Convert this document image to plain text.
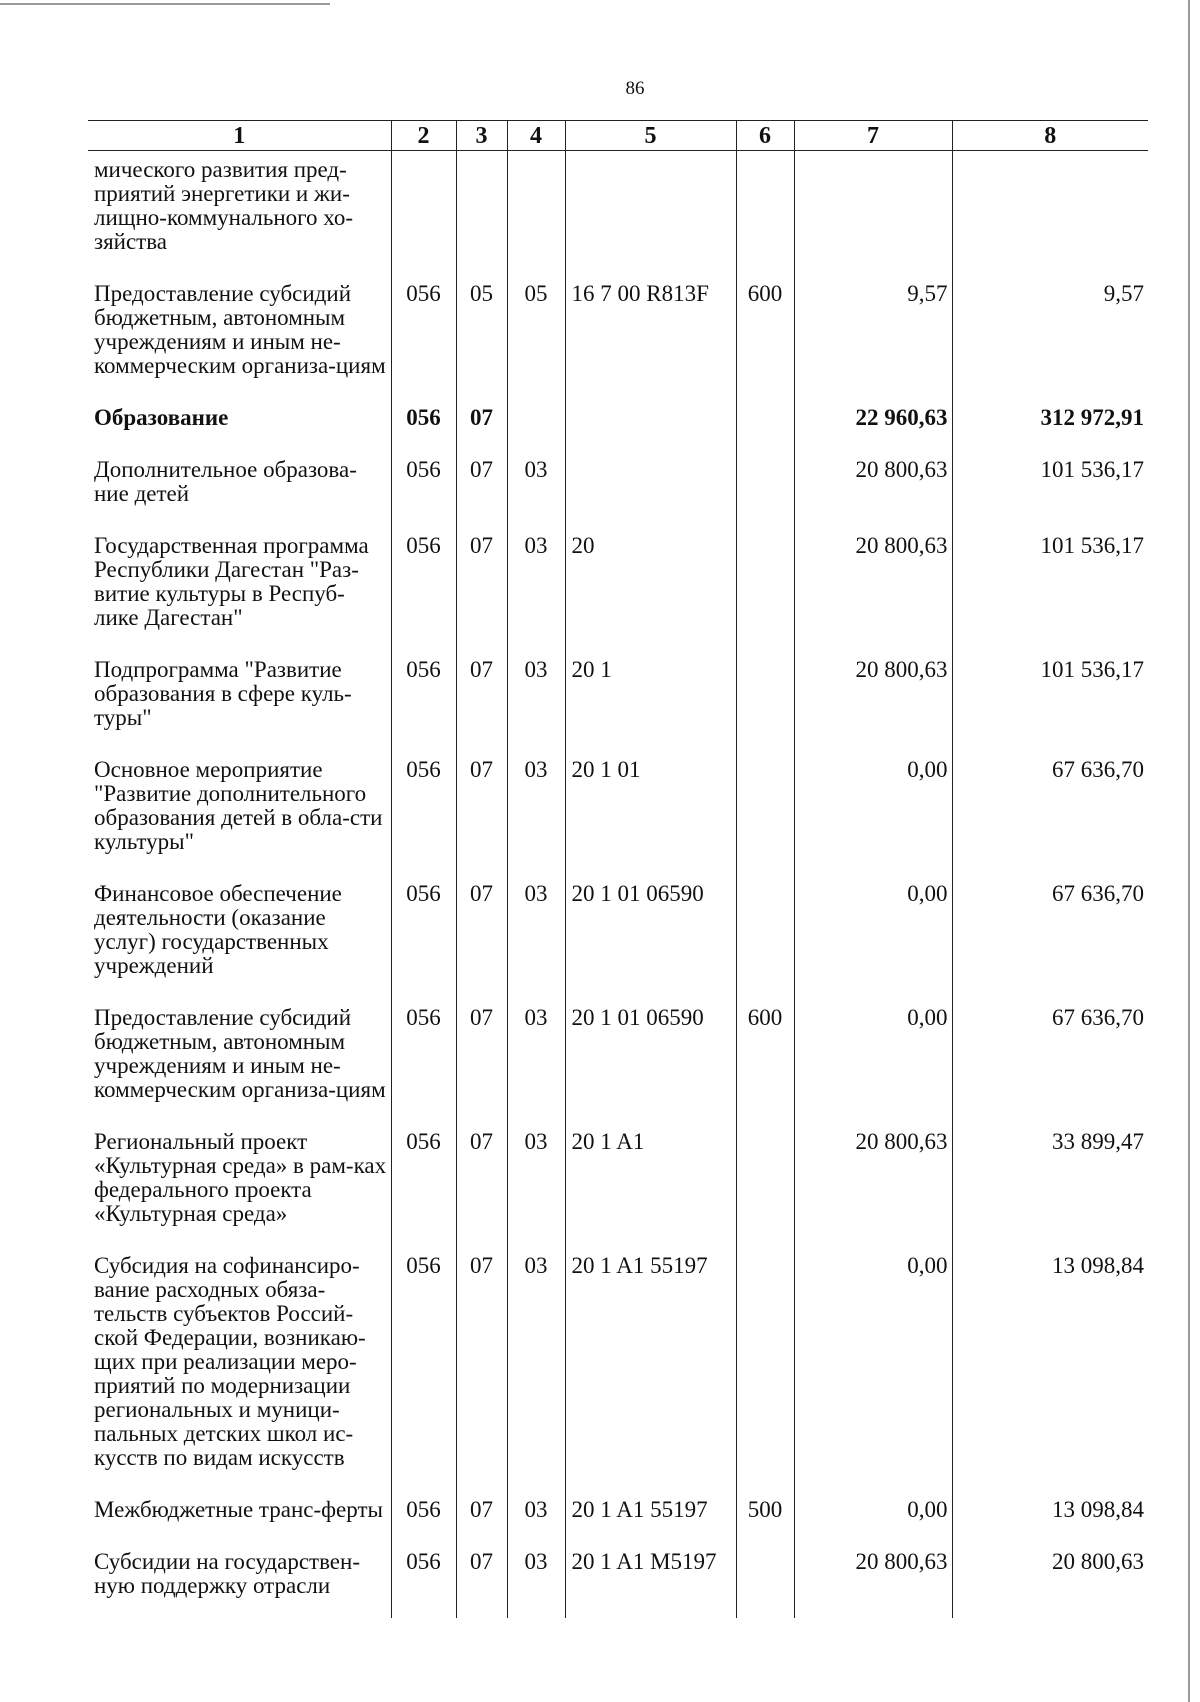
86
1	2	3	4	5	6	7	8
мического развития пред-приятий энергетики и жи-лищно-коммунального хо-зяйства							
Предоставление субсидий бюджетным, автономным учреждениям и иным не-коммерческим организа-циям	056	05	05	16 7 00 R813F	600	9,57	9,57
Образование	056	07				22 960,63	312 972,91
Дополнительное образова-ние детей	056	07	03			20 800,63	101 536,17
Государственная программа Республики Дагестан "Раз-витие культуры в Респуб-лике Дагестан"	056	07	03	20		20 800,63	101 536,17
Подпрограмма "Развитие образования в сфере куль-туры"	056	07	03	20 1		20 800,63	101 536,17
Основное мероприятие "Развитие дополнительного образования детей в обла-сти культуры"	056	07	03	20 1 01		0,00	67 636,70
Финансовое обеспечение деятельности (оказание услуг) государственных учреждений	056	07	03	20 1 01 06590		0,00	67 636,70
Предоставление субсидий бюджетным, автономным учреждениям и иным не-коммерческим организа-циям	056	07	03	20 1 01 06590	600	0,00	67 636,70
Региональный проект «Культурная среда» в рам-ках федерального проекта «Культурная среда»	056	07	03	20 1 A1		20 800,63	33 899,47
Субсидия на софинансиро-вание расходных обяза-тельств субъектов Россий-ской Федерации, возникаю-щих при реализации меро-приятий по модернизации региональных и муници-пальных детских школ ис-кусств по видам искусств	056	07	03	20 1 A1 55197		0,00	13 098,84
Межбюджетные транс-ферты	056	07	03	20 1 A1 55197	500	0,00	13 098,84
Субсидии на государствен-ную поддержку отрасли	056	07	03	20 1 A1 M5197		20 800,63	20 800,63
